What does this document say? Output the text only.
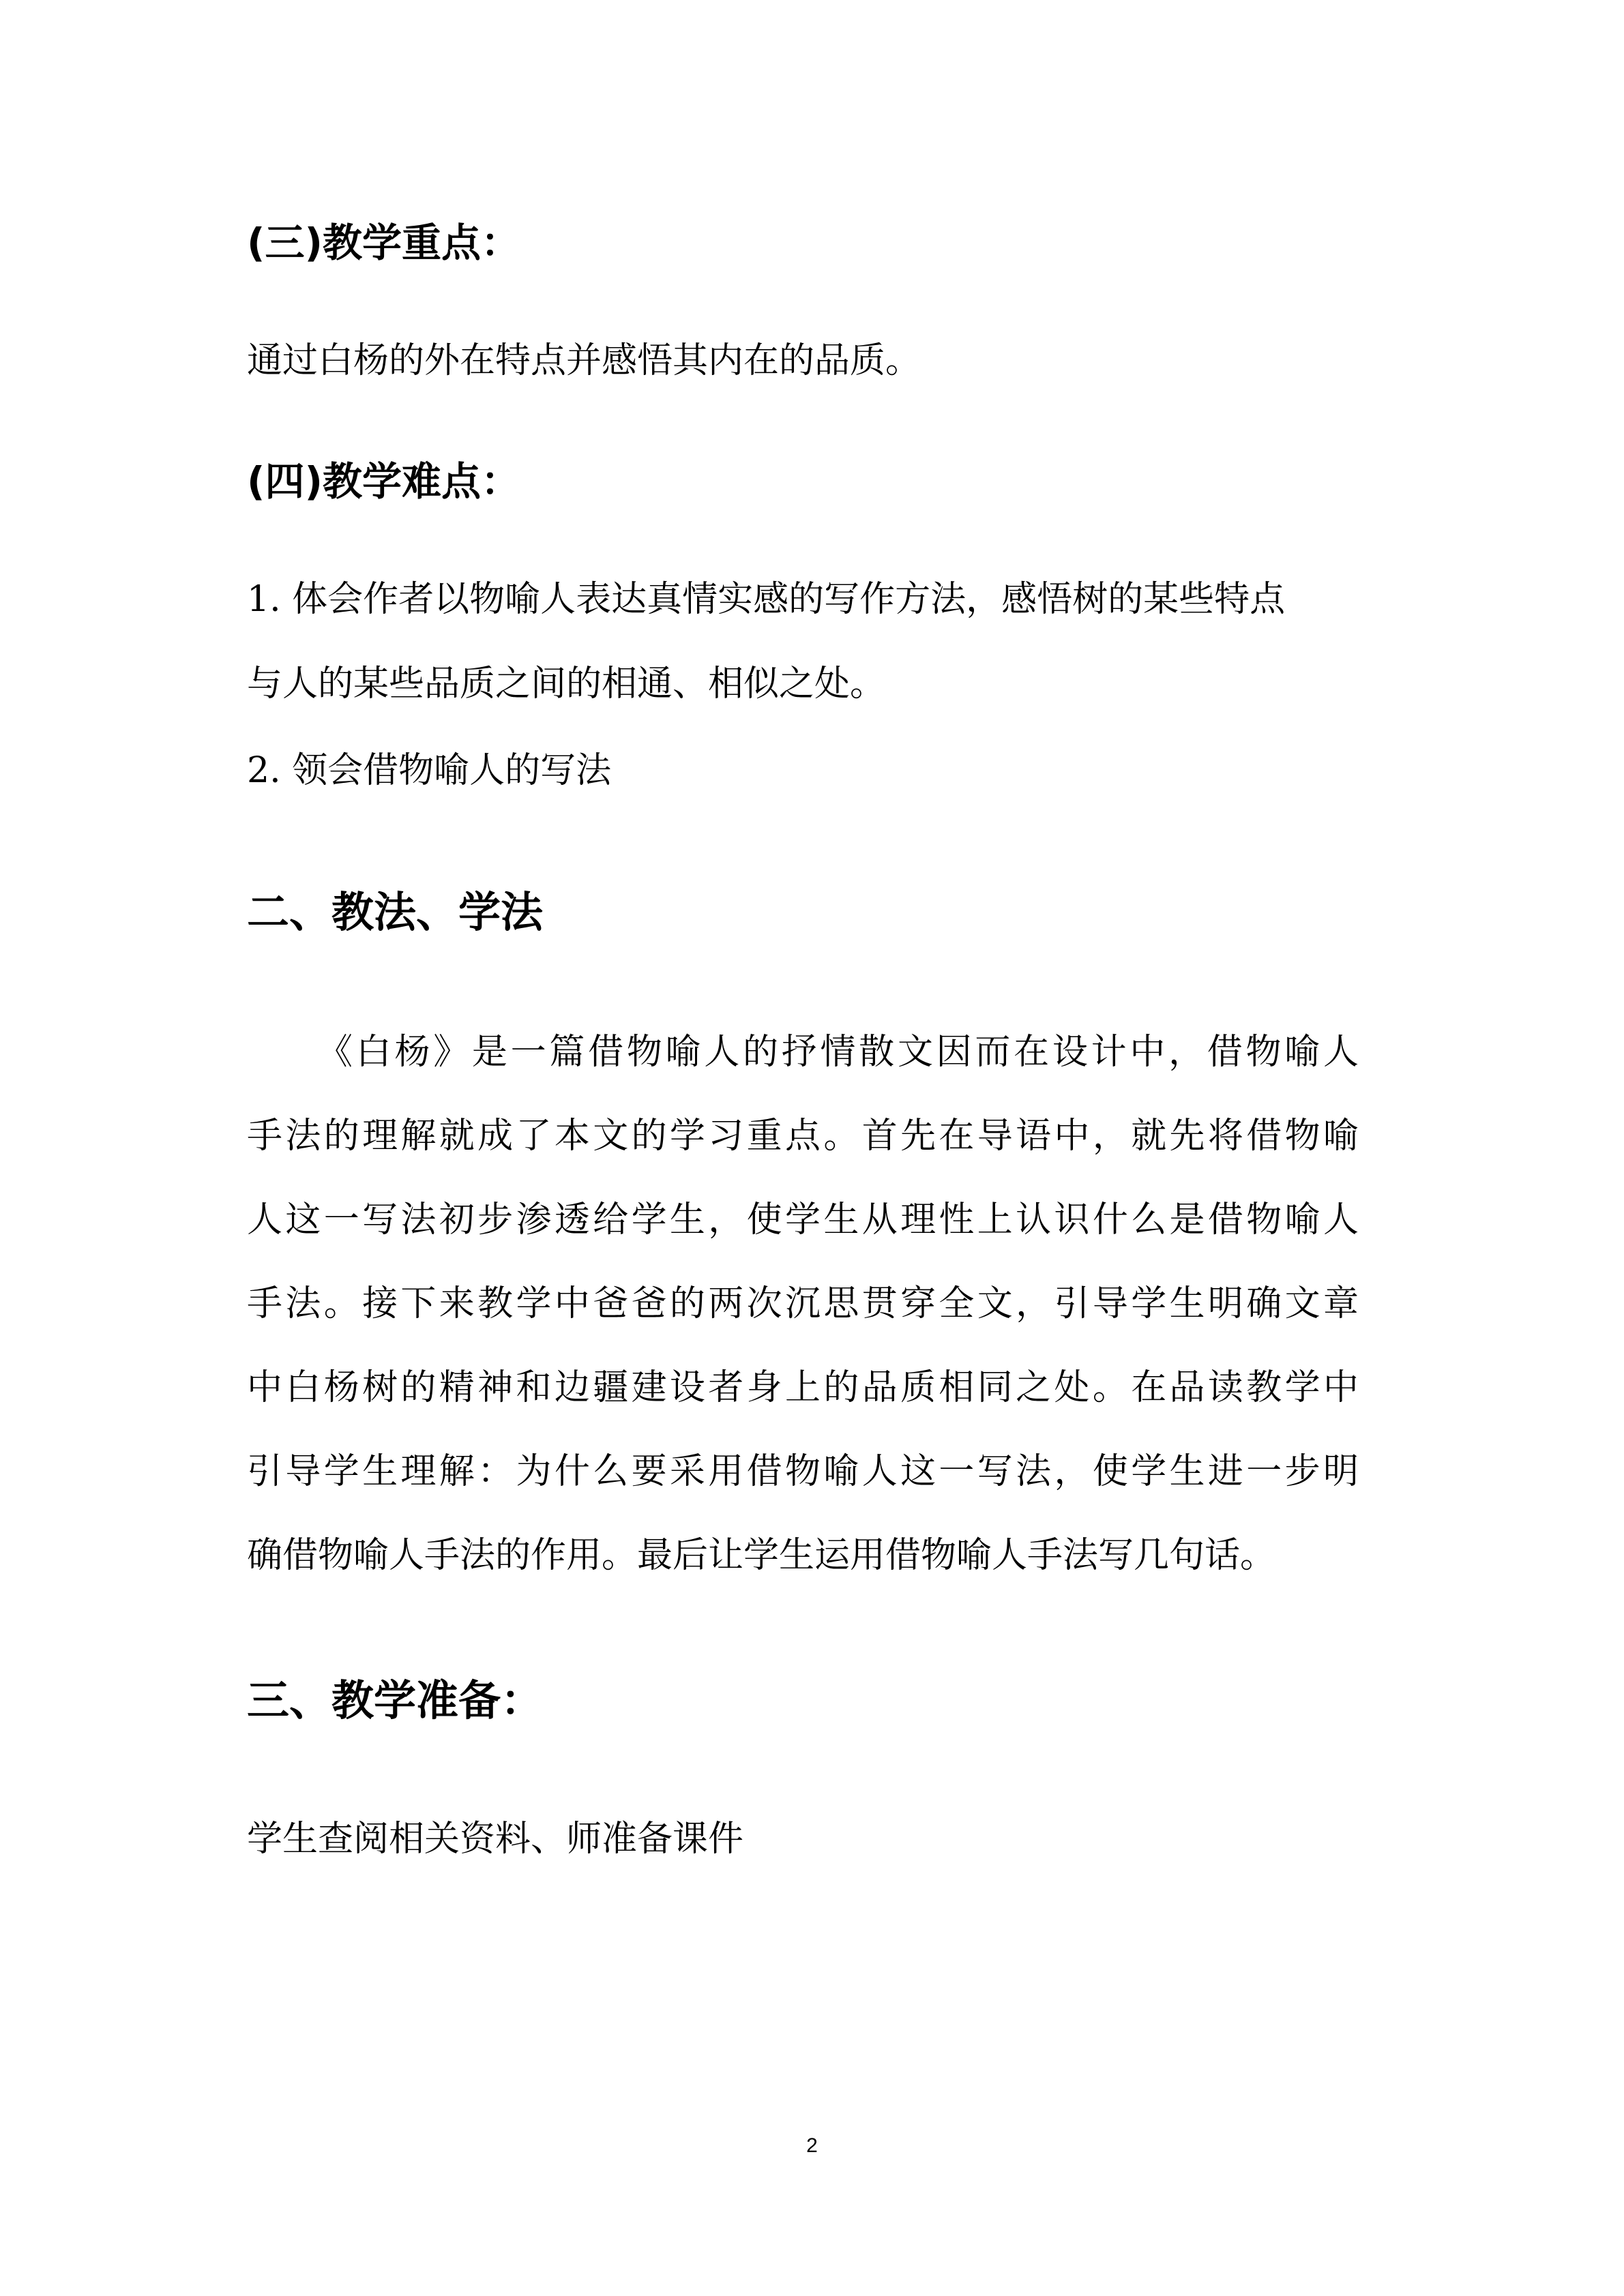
(三)教学重点：

通过白杨的外在特点并感悟其内在的品质。

(四)教学难点：
1. 体会作者以物喻人表达真情实感的写作方法，感悟树的某些特点
与人的某些品质之间的相通、相似之处。
2. 领会借物喻人的写法
二、教法、学法
《白杨》是一篇借物喻人的抒情散文因而在设计中，借物喻人
手法的理解就成了本文的学习重点。首先在导语中，就先将借物喻
人这一写法初步渗透给学生，使学生从理性上认识什么是借物喻人
手法。接下来教学中爸爸的两次沉思贯穿全文，引导学生明确文章
中白杨树的精神和边疆建设者身上的品质相同之处。在品读教学中
引导学生理解：为什么要采用借物喻人这一写法，使学生进一步明
确借物喻人手法的作用。最后让学生运用借物喻人手法写几句话。
三、教学准备：

学生查阅相关资料、师准备课件

2
